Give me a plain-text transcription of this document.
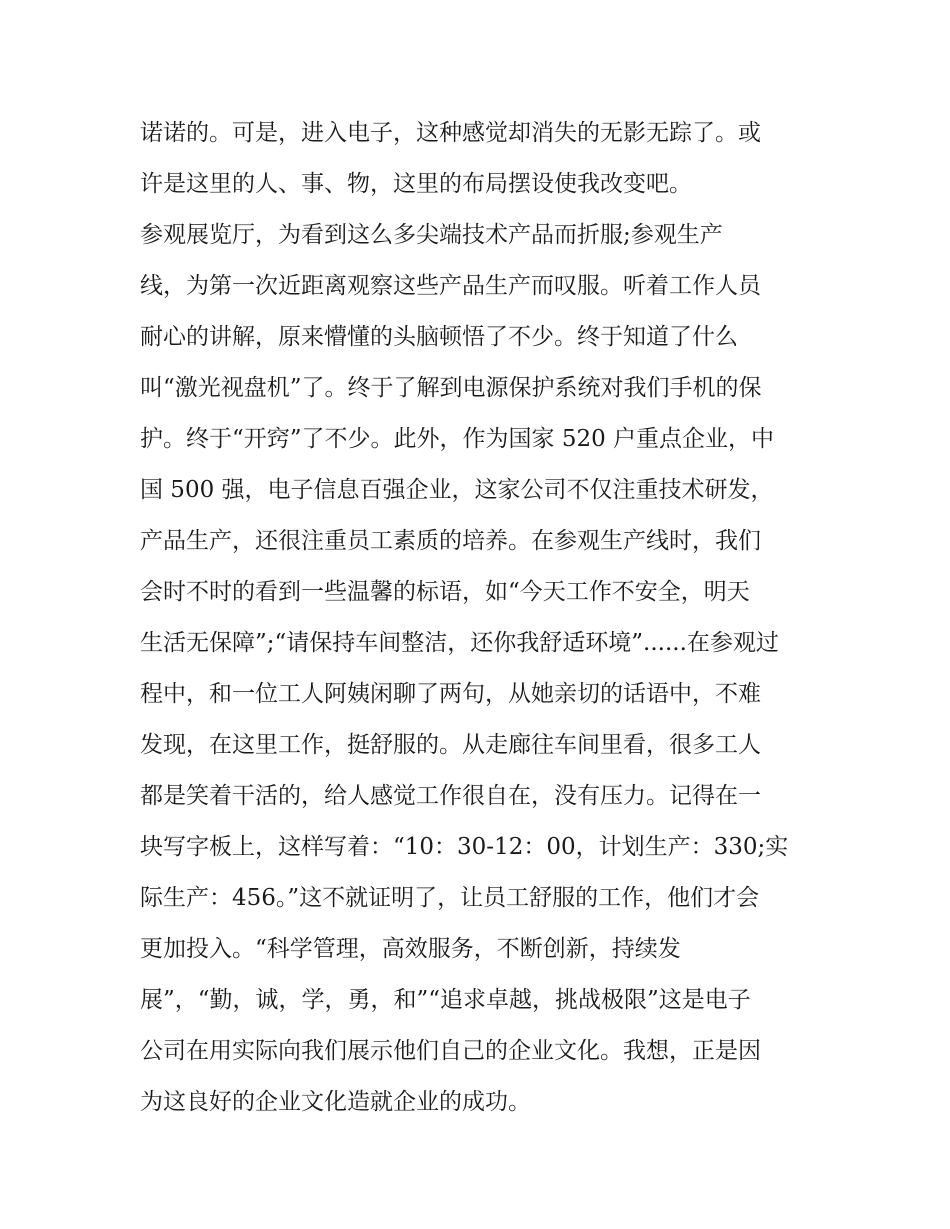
诺诺的。可是，进入电子，这种感觉却消失的无影无踪了。或
许是这里的人、事、物，这里的布局摆设使我改变吧。
参观展览厅，为看到这么多尖端技术产品而折服;参观生产
线，为第一次近距离观察这些产品生产而叹服。听着工作人员
耐心的讲解，原来懵懂的头脑顿悟了不少。终于知道了什么
叫“激光视盘机”了。终于了解到电源保护系统对我们手机的保
护。终于“开窍”了不少。此外，作为国家 520 户重点企业，中
国 500 强，电子信息百强企业，这家公司不仅注重技术研发，
产品生产，还很注重员工素质的培养。在参观生产线时，我们
会时不时的看到一些温馨的标语，如“今天工作不安全，明天
生活无保障”;“请保持车间整洁，还你我舒适环境”......在参观过
程中，和一位工人阿姨闲聊了两句，从她亲切的话语中，不难
发现，在这里工作，挺舒服的。从走廊往车间里看，很多工人
都是笑着干活的，给人感觉工作很自在，没有压力。记得在一
块写字板上，这样写着：“10：30-12：00，计划生产：330;实
际生产：456。”这不就证明了，让员工舒服的工作，他们才会
更加投入。“科学管理，高效服务，不断创新，持续发
展”，“勤，诚，学，勇，和”“追求卓越，挑战极限”这是电子
公司在用实际向我们展示他们自己的企业文化。我想，正是因
为这良好的企业文化造就企业的成功。
